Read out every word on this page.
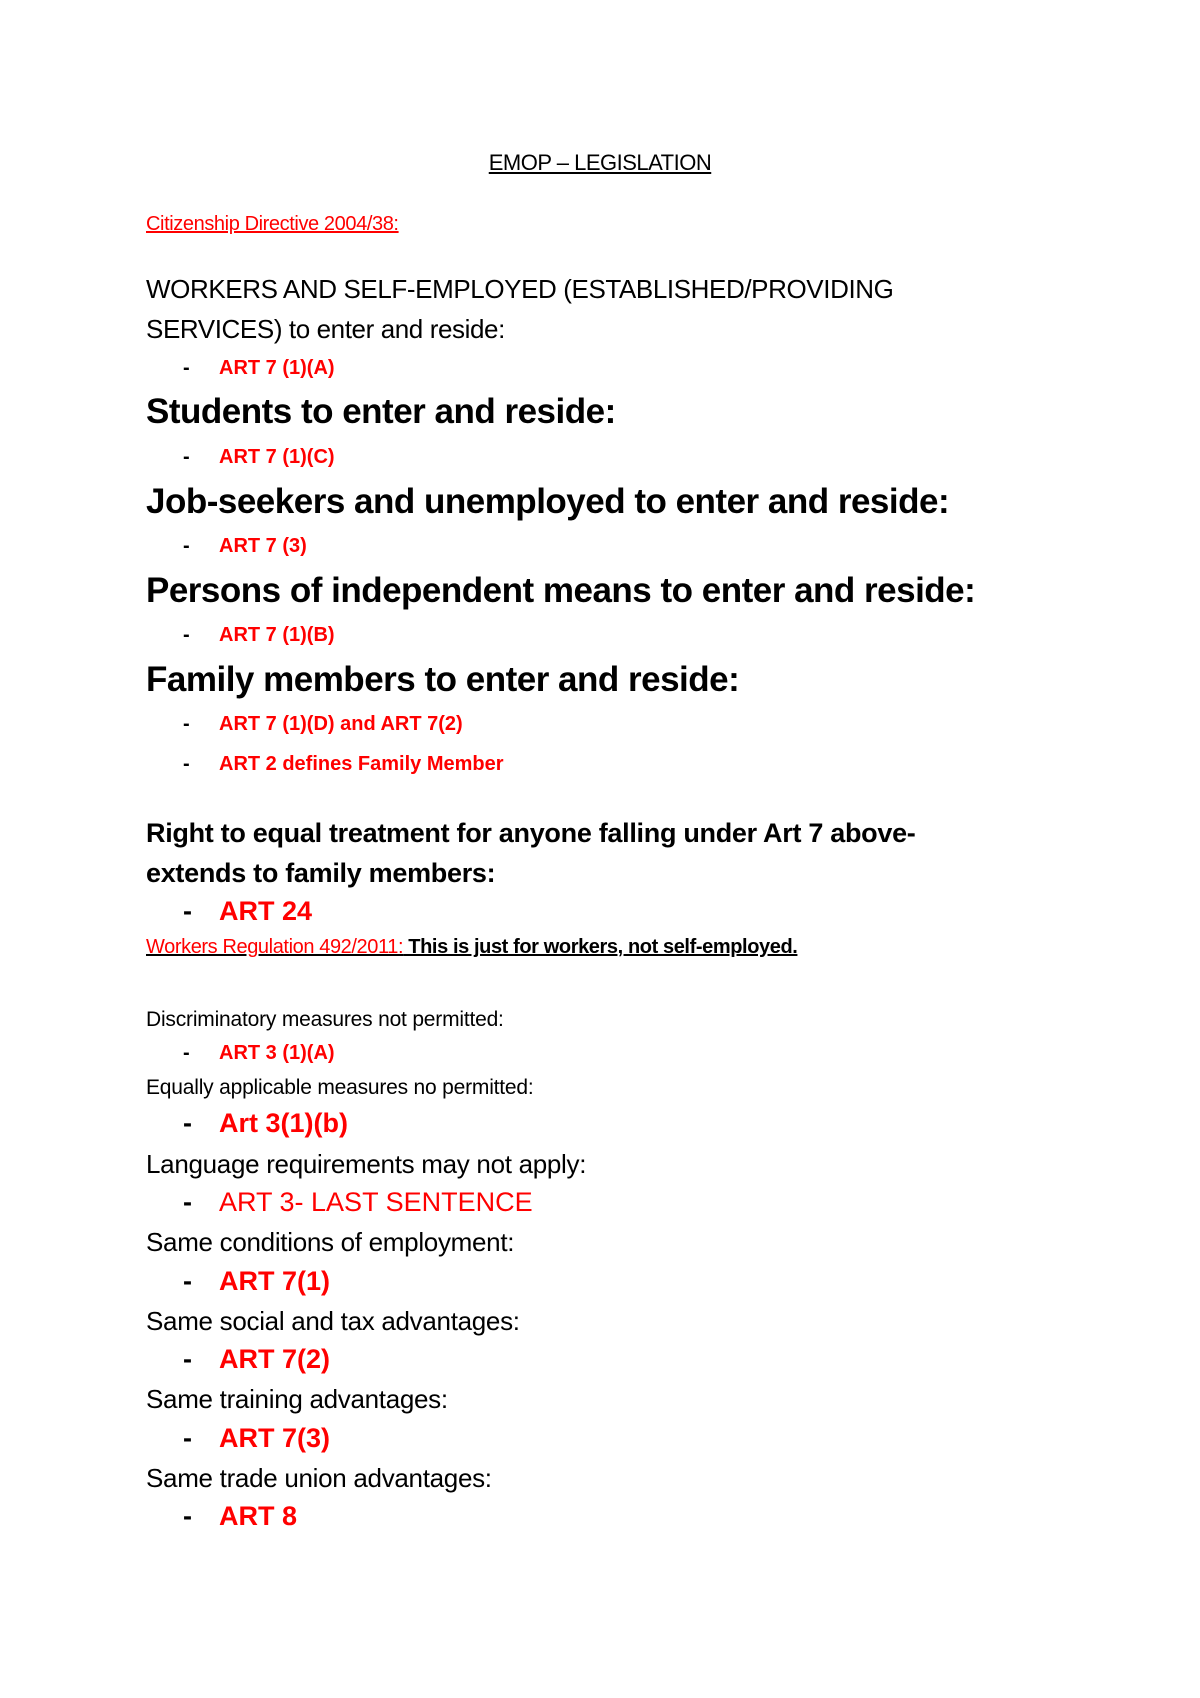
EMOP – LEGISLATION

Citizenship Directive 2004/38:

WORKERS AND SELF-EMPLOYED (ESTABLISHED/PROVIDING

SERVICES) to enter and reside:

-	ART 7 (1)(A)

Students to enter and reside:

-	ART 7 (1)(C)

Job-seekers and unemployed to enter and reside:

-	ART 7 (3)

Persons of independent means to enter and reside:

-	ART 7 (1)(B)

Family members to enter and reside:

-	ART 7 (1)(D) and ART 7(2)
-	ART 2 defines Family Member

Right to equal treatment for anyone falling under Art 7 above-

extends to family members:

-	ART 24

Workers Regulation 492/2011: This is just for workers, not self-employed.

Discriminatory measures not permitted:

-	ART 3 (1)(A)

Equally applicable measures no permitted:

-	Art 3(1)(b)

Language requirements may not apply:

-	ART 3- LAST SENTENCE

Same conditions of employment:

-	ART 7(1)

Same social and tax advantages:

-	ART 7(2)

Same training advantages:

-	ART 7(3)

Same trade union advantages:

-	ART 8
